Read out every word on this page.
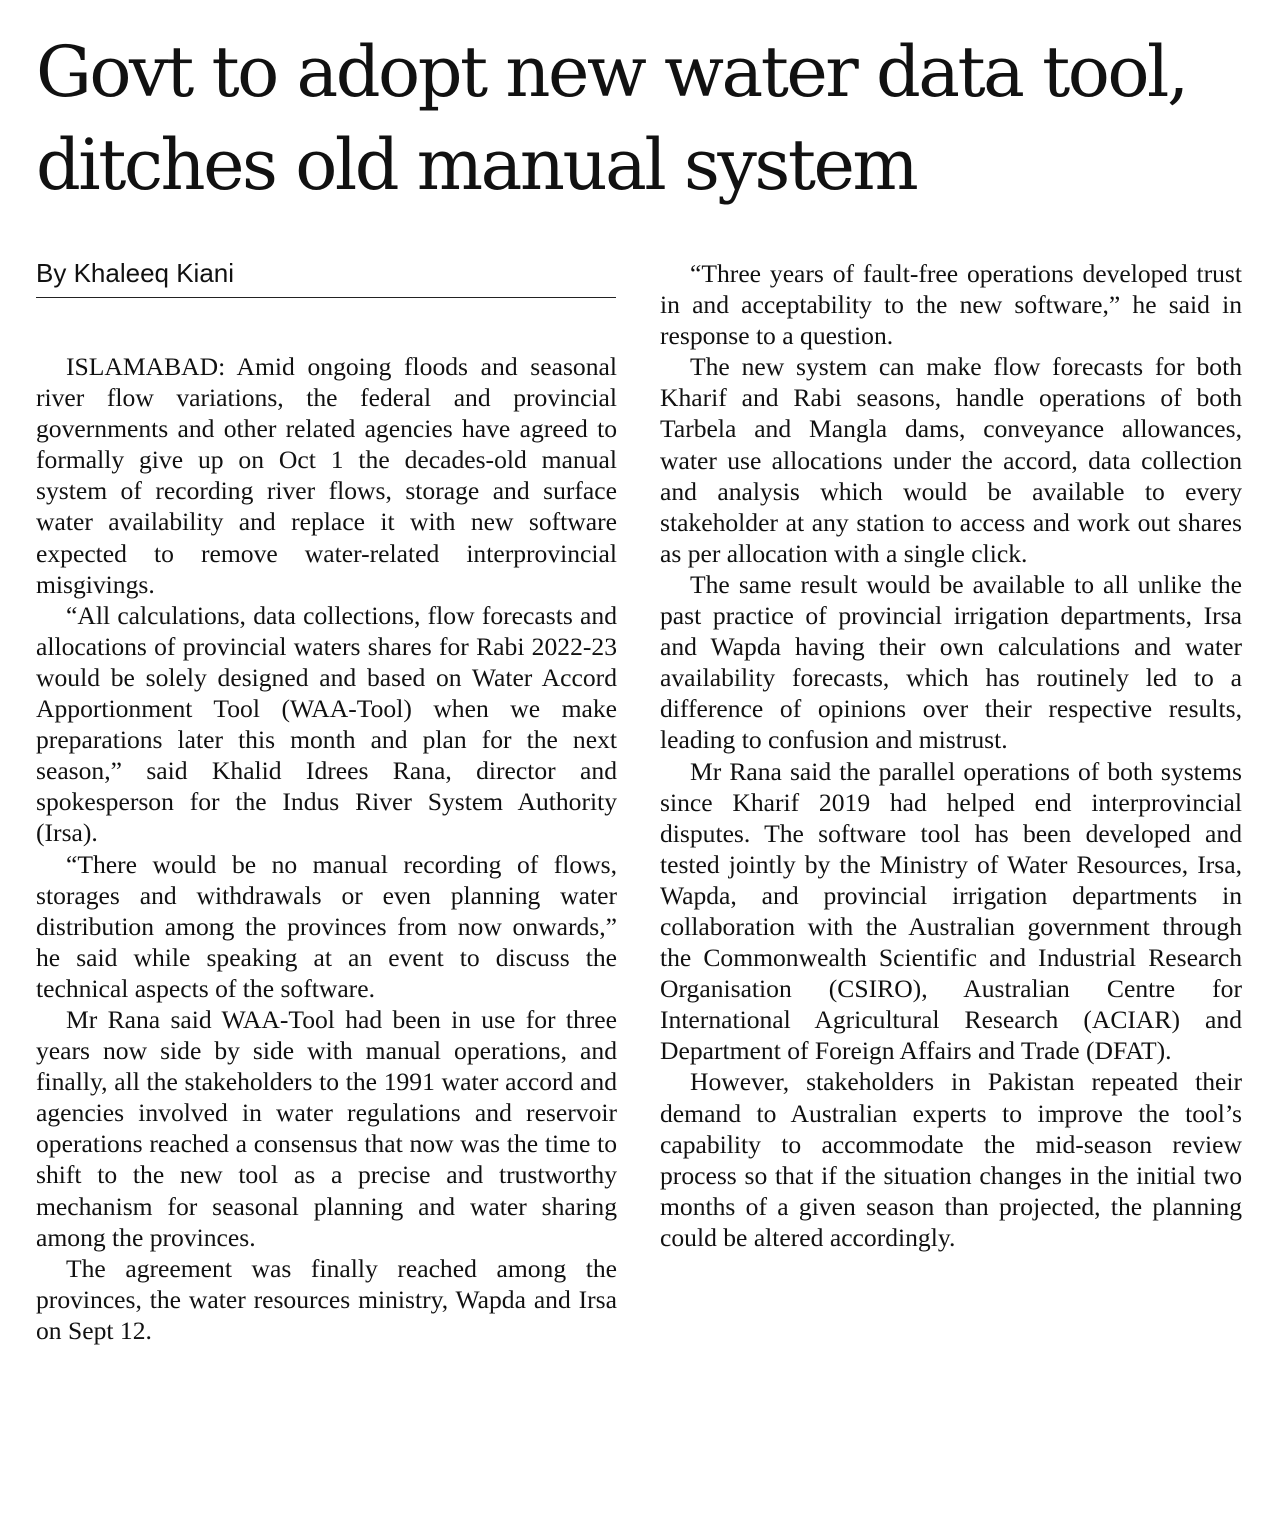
Govt to adopt new water data tool, ditches old manual system
By Khaleeq Kiani

ISLAMABAD: Amid ongoing floods and seasonal river flow variations, the federal and provincial governments and other related agencies have agreed to formally give up on Oct 1 the decades-old manual system of recording river flows, storage and surface water availability and replace it with new software expected to remove water-related interprovincial misgivings.

“All calculations, data collections, flow forecasts and allocations of provincial waters shares for Rabi 2022-23 would be solely designed and based on Water Accord Apportionment Tool (WAA-Tool) when we make preparations later this month and plan for the next season,” said Khalid Idrees Rana, director and spokesperson for the Indus River System Authority (Irsa).

“There would be no manual recording of flows, storages and withdrawals or even planning water distribution among the provinces from now onwards,” he said while speaking at an event to discuss the technical aspects of the software.

Mr Rana said WAA-Tool had been in use for three years now side by side with manual operations, and finally, all the stakeholders to the 1991 water accord and agencies involved in water regulations and reservoir operations reached a consensus that now was the time to shift to the new tool as a precise and trustworthy mechanism for seasonal planning and water sharing among the provinces.

The agreement was finally reached among the provinces, the water resources ministry, Wapda and Irsa on Sept 12.

“Three years of fault-free operations developed trust in and acceptability to the new software,” he said in response to a question.

The new system can make flow forecasts for both Kharif and Rabi seasons, handle operations of both Tarbela and Mangla dams, conveyance allowances, water use allocations under the accord, data collection and analysis which would be available to every stakeholder at any station to access and work out shares as per allocation with a single click.

The same result would be available to all unlike the past practice of provincial irrigation departments, Irsa and Wapda having their own calculations and water availability forecasts, which has routinely led to a difference of opinions over their respective results, leading to confusion and mistrust.

Mr Rana said the parallel operations of both systems since Kharif 2019 had helped end interprovincial disputes. The software tool has been developed and tested jointly by the Ministry of Water Resources, Irsa, Wapda, and provincial irrigation departments in collaboration with the Australian government through the Commonwealth Scientific and Industrial Research Organisation (CSIRO), Australian Centre for International Agricultural Research (ACIAR) and Department of Foreign Affairs and Trade (DFAT).

However, stakeholders in Pakistan repeated their demand to Australian experts to improve the tool’s capability to accommodate the mid-season review process so that if the situation changes in the initial two months of a given season than projected, the planning could be altered accordingly.
